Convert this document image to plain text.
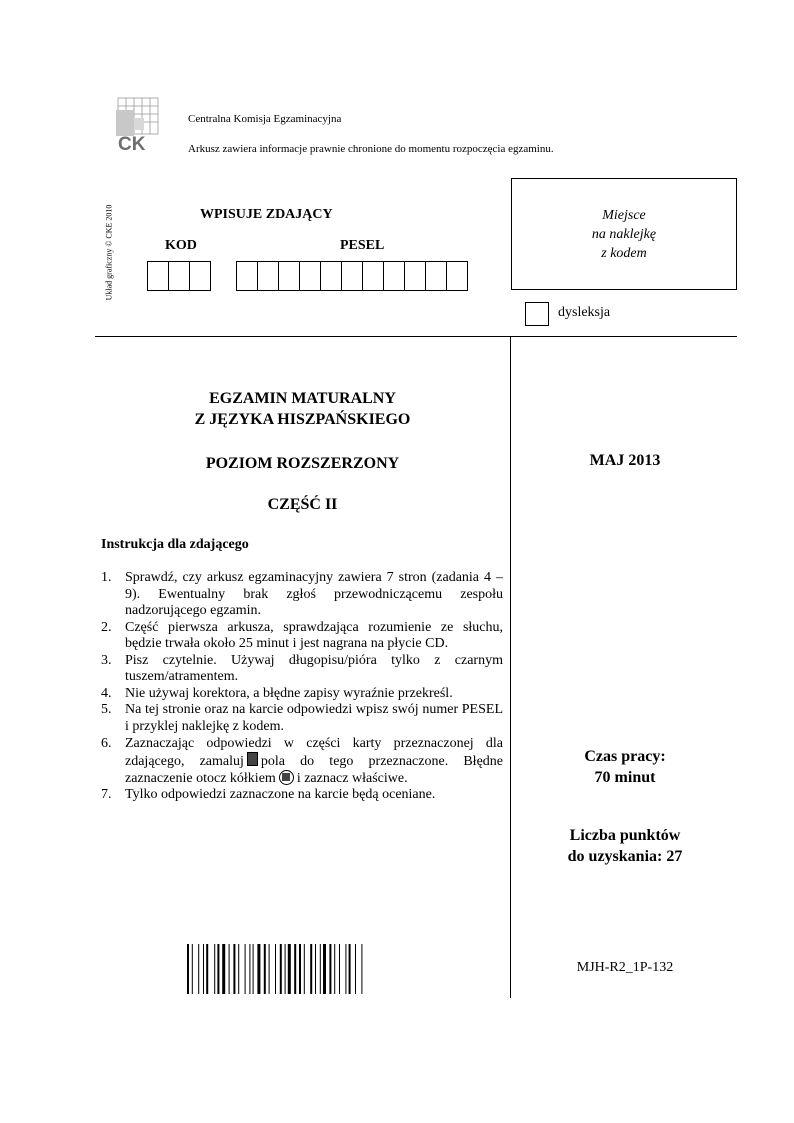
CK
Centralna Komisja Egzaminacyjna
Arkusz zawiera informacje prawnie chronione do momentu rozpoczęcia egzaminu.
Układ graficzny © CKE 2010	WPISUJE ZDAJĄCY
KOD	PESEL
Miejsce
na naklejkę
z kodem
dysleksja
EGZAMIN MATURALNY
Z JĘZYKA HISZPAŃSKIEGO
POZIOM ROZSZERZONY
CZĘŚĆ II
MAJ 2013
Instrukcja dla zdającego
1. Sprawdź, czy arkusz egzaminacyjny zawiera 7 stron (zadania 4 – 9). Ewentualny brak zgłoś przewodniczącemu zespołu nadzorującego egzamin.
2. Część pierwsza arkusza, sprawdzająca rozumienie ze słuchu, będzie trwała około 25 minut i jest nagrana na płycie CD.
3. Pisz czytelnie. Używaj długopisu/pióra tylko z czarnym tuszem/atramentem.
4. Nie używaj korektora, a błędne zapisy wyraźnie przekreśl.
5. Na tej stronie oraz na karcie odpowiedzi wpisz swój numer PESEL i przyklej naklejkę z kodem.
6. Zaznaczając odpowiedzi w części karty przeznaczonej dla zdającego, zamaluj pola do tego przeznaczone. Błędne zaznaczenie otocz kółkiem i zaznacz właściwe.
7. Tylko odpowiedzi zaznaczone na karcie będą oceniane.
Czas pracy:
70 minut
Liczba punktów
do uzyskania: 27
MJH-R2_1P-132
